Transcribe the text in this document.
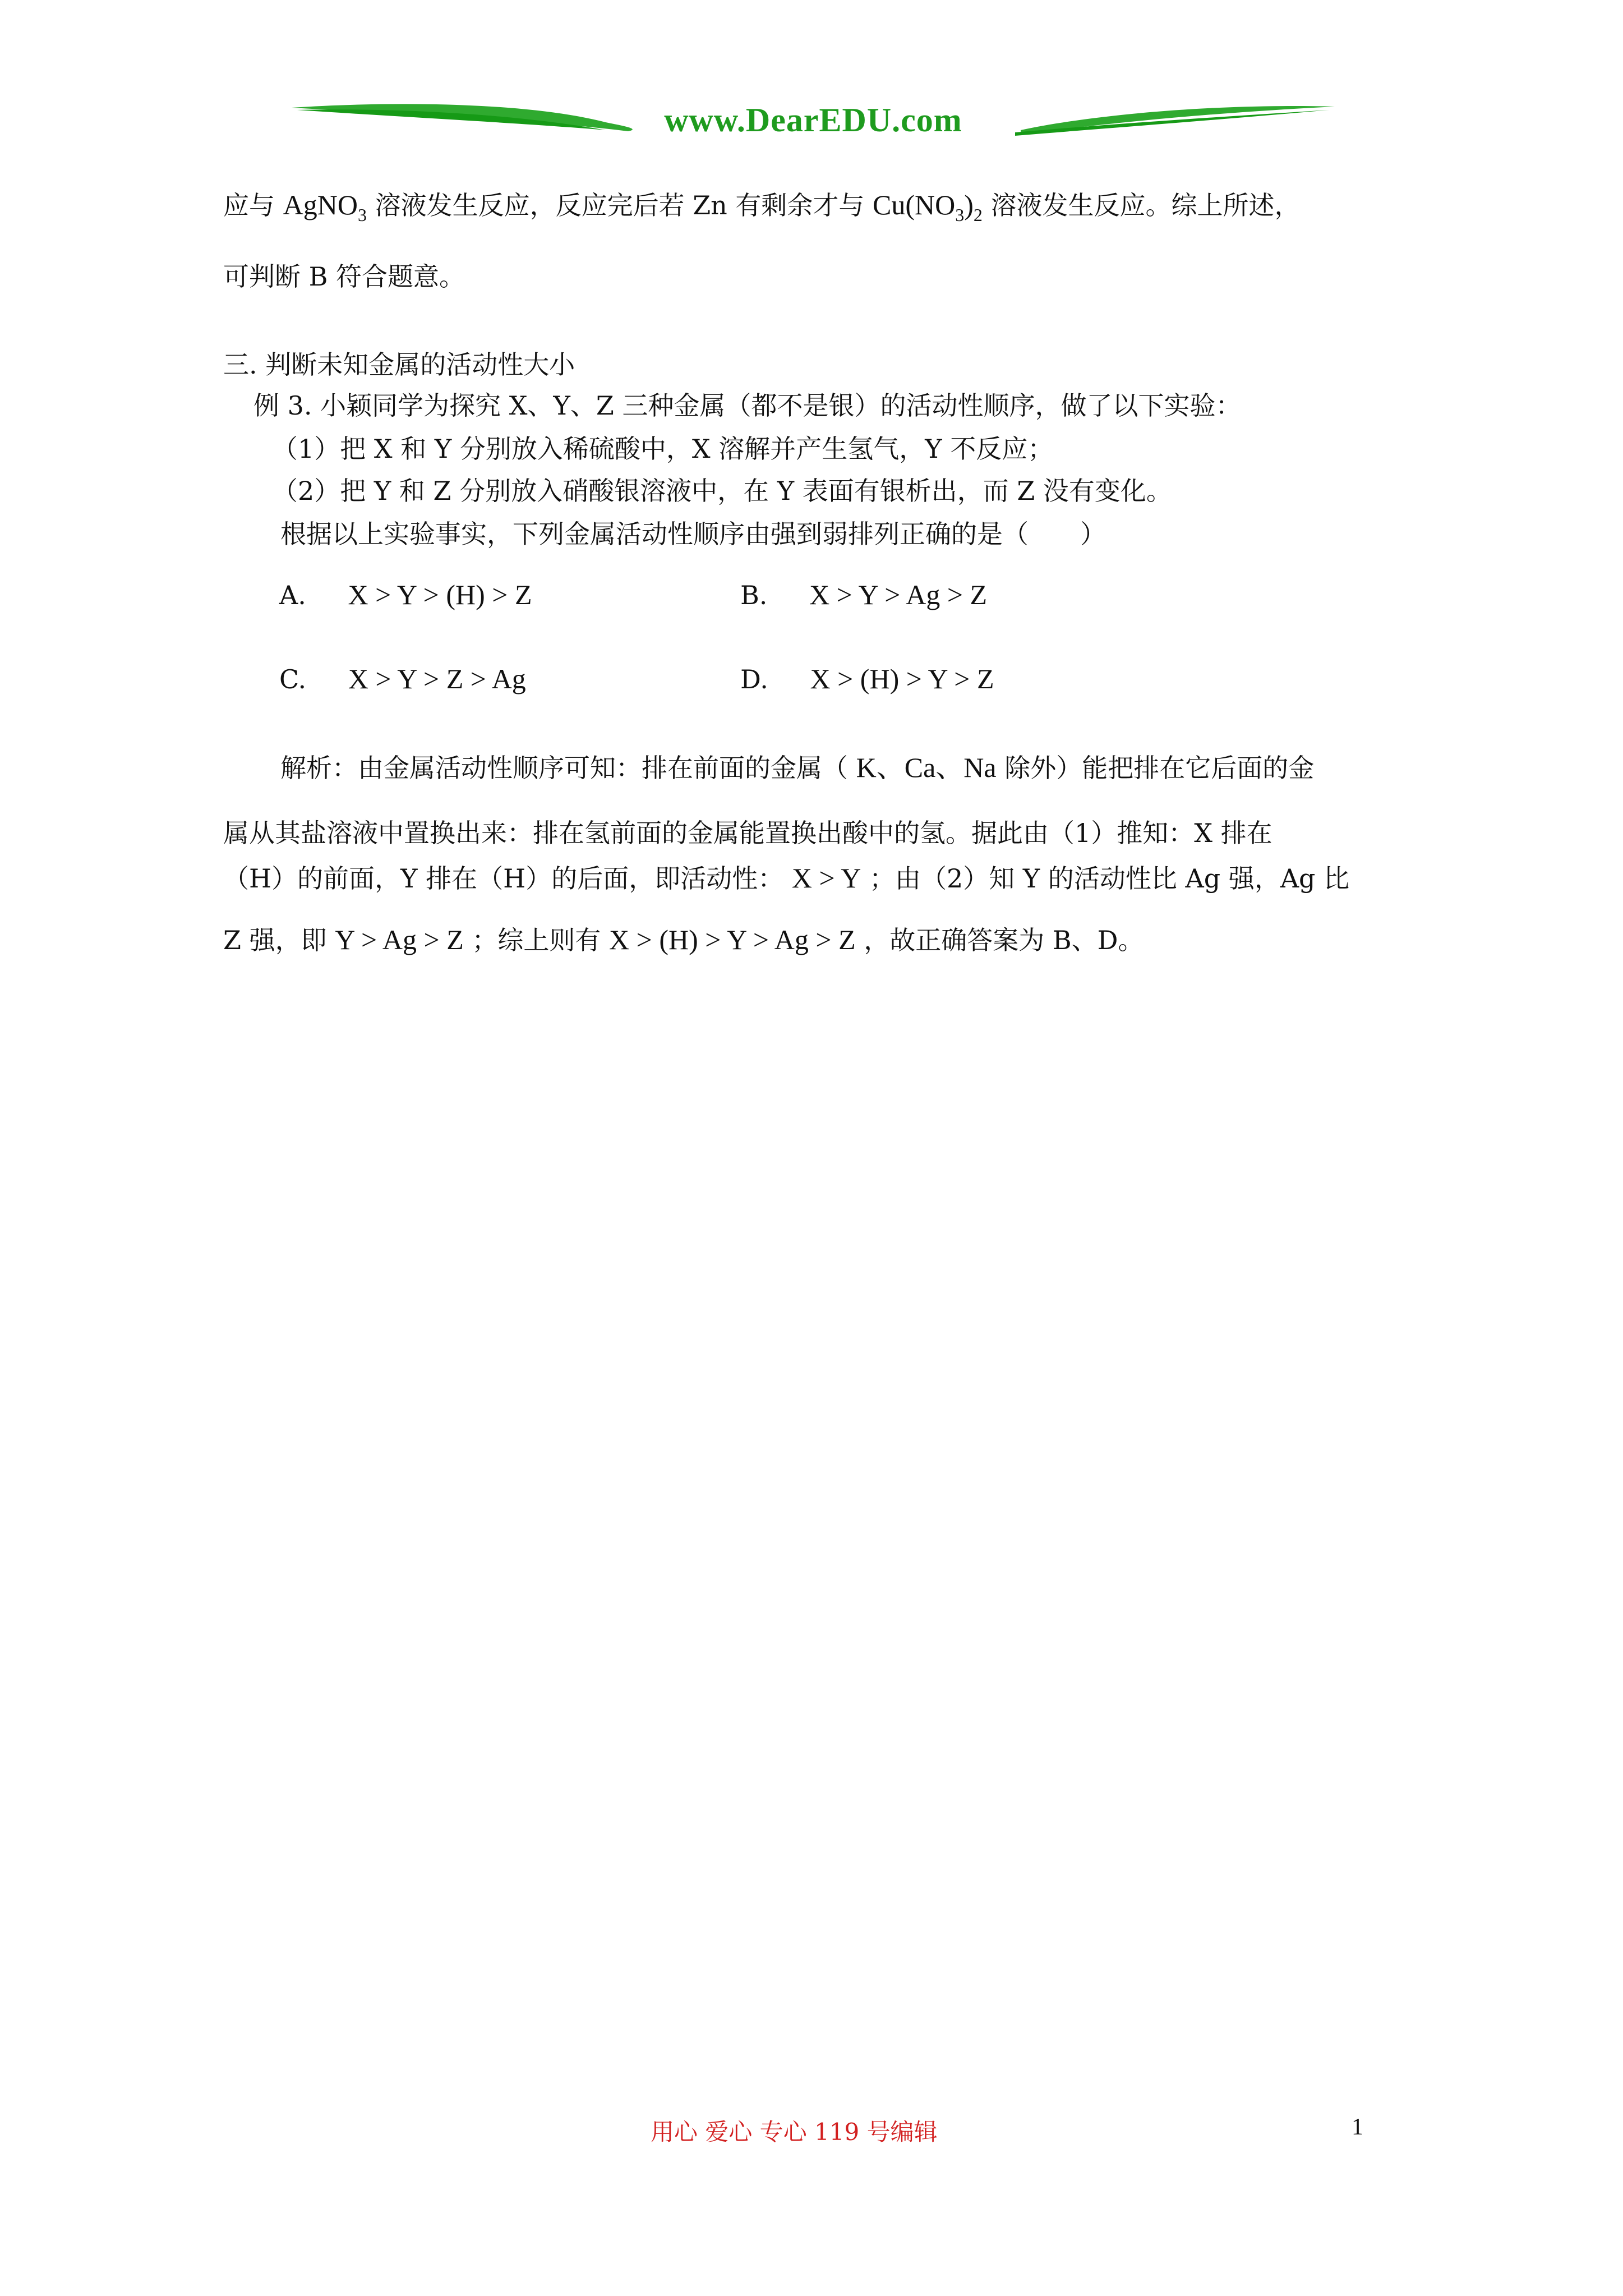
www.DearEDU.com
应与 AgNO$_3$ 溶液发生反应，反应完后若 Zn 有剩余才与 $Cu(NO_3)_2$ 溶液发生反应。综上所述，
可判断 B 符合题意。
三. 判断未知金属的活动性大小
例 3. 小颖同学为探究 X、Y、Z 三种金属（都不是银）的活动性顺序，做了以下实验：
（1）把 X 和 Y 分别放入稀硫酸中，X 溶解并产生氢气，Y 不反应；
（2）把 Y 和 Z 分别放入硝酸银溶液中，在 Y 表面有银析出，而 Z 没有变化。
根据以上实验事实，下列金属活动性顺序由强到弱排列正确的是（　　）
A. X > Y > (H) > Z	B. X > Y > Ag > Z
C. X > Y > Z > Ag	D. X > (H) > Y > Z
解析：由金属活动性顺序可知：排在前面的金属（ K、Ca、Na 除外）能把排在它后面的金
属从其盐溶液中置换出来：排在氢前面的金属能置换出酸中的氢。据此由（1）推知：X 排在
（H）的前面，Y 排在（H）的后面，即活动性： X > Y ；由（2）知 Y 的活动性比 Ag 强，Ag 比
Z 强，即 Y > Ag > Z ；综上则有 X > (H) > Y > Ag > Z ，故正确答案为 B、D。
用心 爱心 专心 119 号编辑	1
